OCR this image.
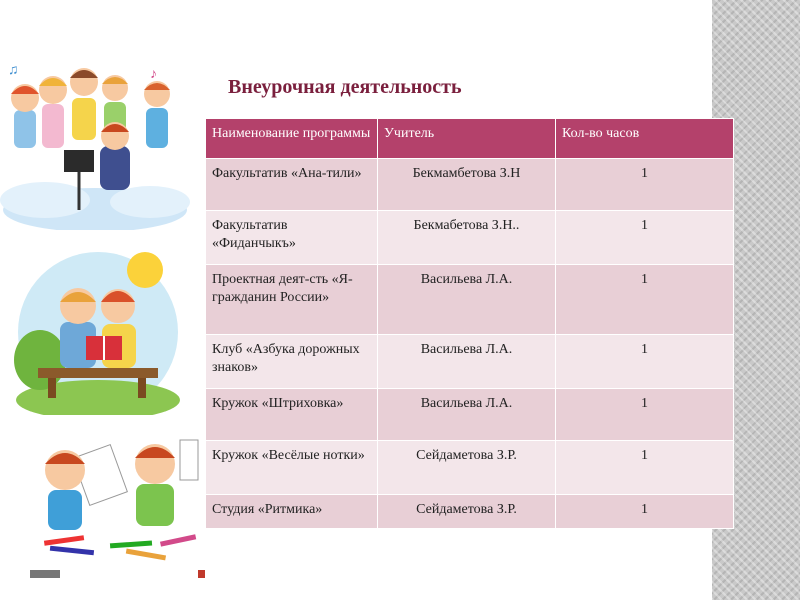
♪
♫
Внеурочная деятельность
Наименование программы	Учитель	Кол-во часов
Факультатив «Ана-тили»	Бекмамбетова З.Н	1
Факультатив «Фиданчыкъ»	Бекмабетова З.Н..	1
Проектная деят-сть «Я-гражданин России»	Васильева Л.А.	1
Клуб «Азбука дорожных знаков»	Васильева Л.А.	1
Кружок «Штриховка»	Васильева Л.А.	1
Кружок «Весёлые нотки»	Сейдаметова З.Р.	1
Студия «Ритмика»	Сейдаметова З.Р.	1
